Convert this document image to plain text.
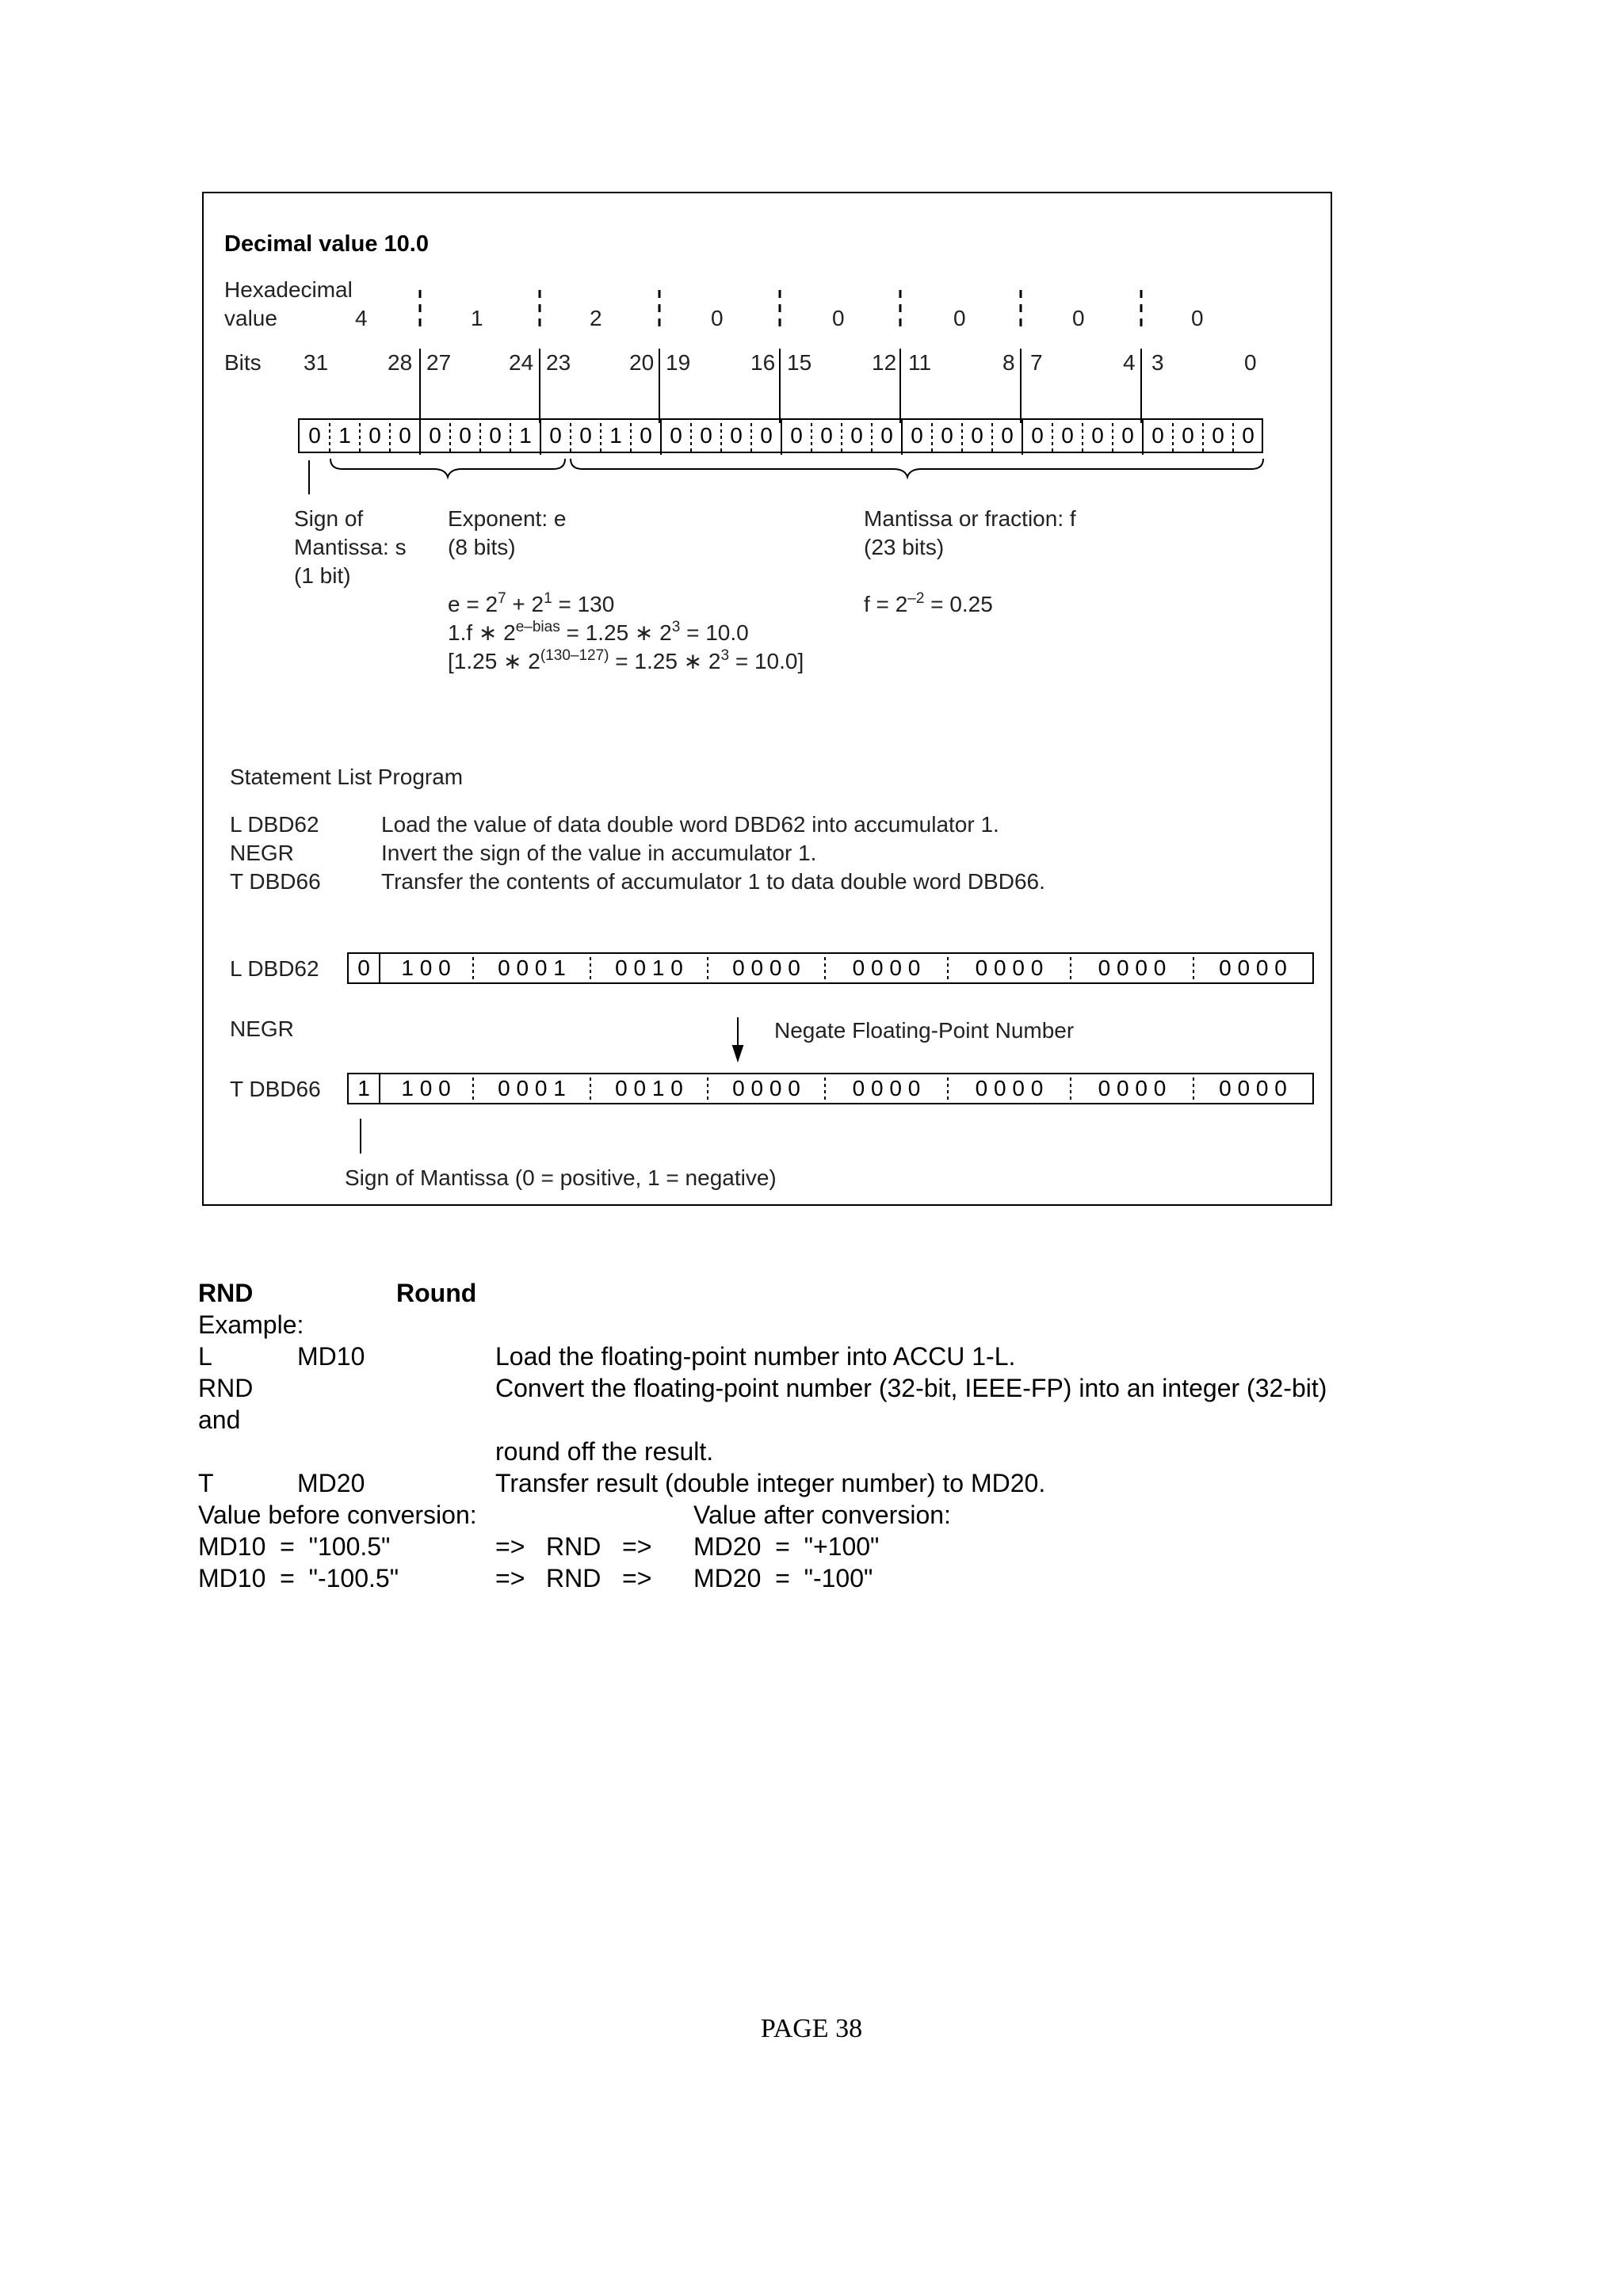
Decimal value 10.0
Hexadecimal
value	4	1	2	0	0	0	0	0
Bits 31	28 27	24 23	20 19	16 15	12 11	8 7	4 3	0
0 1 0 0 0 0 0 1 0 0 1 0 0 0 0 0 0 0 0 0 0 0 0 0 0 0 0 0 0 0 0 0
Sign of
Mantissa: s
(1 bit)
Exponent: e
(8 bits)
Mantissa or fraction: f
(23 bits)
$e = 2^7 + 2^1 = 130$
1.f ∗ $2^{e-bias} = 1.25$ ∗ $2^3 = 10.0$
[1.25 ∗ $2^{(130-127)} = 1.25$ ∗ $2^3 = 10.0$]
$f = 2^{-2} = 0.25$
Statement List Program
L DBD62	Load the value of data double word DBD62 into accumulator 1.
NEGR	Invert the sign of the value in accumulator 1.
T DBD66	Transfer the contents of accumulator 1 to data double word DBD66.
L DBD62	0	1 0 0	0 0 0 1	0 0 1 0	0 0 0 0	0 0 0 0	0 0 0 0	0 0 0 0	0 0 0 0
NEGR	Negate Floating-Point Number
T DBD66	1	1 0 0	0 0 0 1	0 0 1 0	0 0 0 0	0 0 0 0	0 0 0 0	0 0 0 0	0 0 0 0
Sign of Mantissa (0 = positive, 1 = negative)
RND	Round
Example:
L	MD10	Load the floating-point number into ACCU 1-L.
RND	Convert the floating-point number (32-bit, IEEE-FP) into an integer (32-bit)
and
round off the result.
T	MD20	Transfer result (double integer number) to MD20.
Value before conversion:	Value after conversion:
MD10  =  "100.5"	=>   RND   => MD20  =  "+100"
MD10  =  "-100.5"	=>   RND   => MD20  =  "-100"
PAGE 38
